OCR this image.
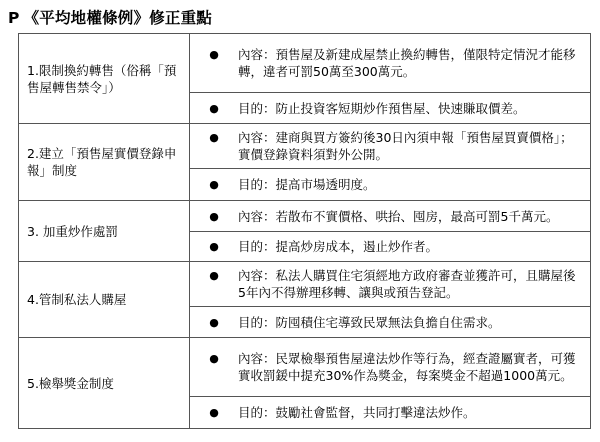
P 《平均地權條例》修正重點
1.限制換約轉售（俗稱「預售屋轉售禁令」）	● 內容：預售屋及新建成屋禁止換約轉售，僅限特定情況才能移轉，違者可罰50萬至300萬元。

	● 目的：防止投資客短期炒作預售屋、快速賺取價差。

2.建立「預售屋實價登錄申報」制度	● 內容：建商與買方簽約後30日內須申報「預售屋買賣價格」；實價登錄資料須對外公開。

	● 目的：提高市場透明度。

3. 加重炒作處罰	● 內容：若散布不實價格、哄抬、囤房，最高可罰5千萬元。

	● 目的：提高炒房成本，遏止炒作者。

4.管制私法人購屋	● 內容：私法人購買住宅須經地方政府審查並獲許可，且購屋後5年內不得辦理移轉、讓與或預告登記。

	● 目的：防囤積住宅導致民眾無法負擔自住需求。

5.檢舉獎金制度	● 內容：民眾檢舉預售屋違法炒作等行為，經查證屬實者，可獲實收罰鍰中提充30%作為獎金，每案獎金不超過1000萬元。

	● 目的：鼓勵社會監督，共同打擊違法炒作。
